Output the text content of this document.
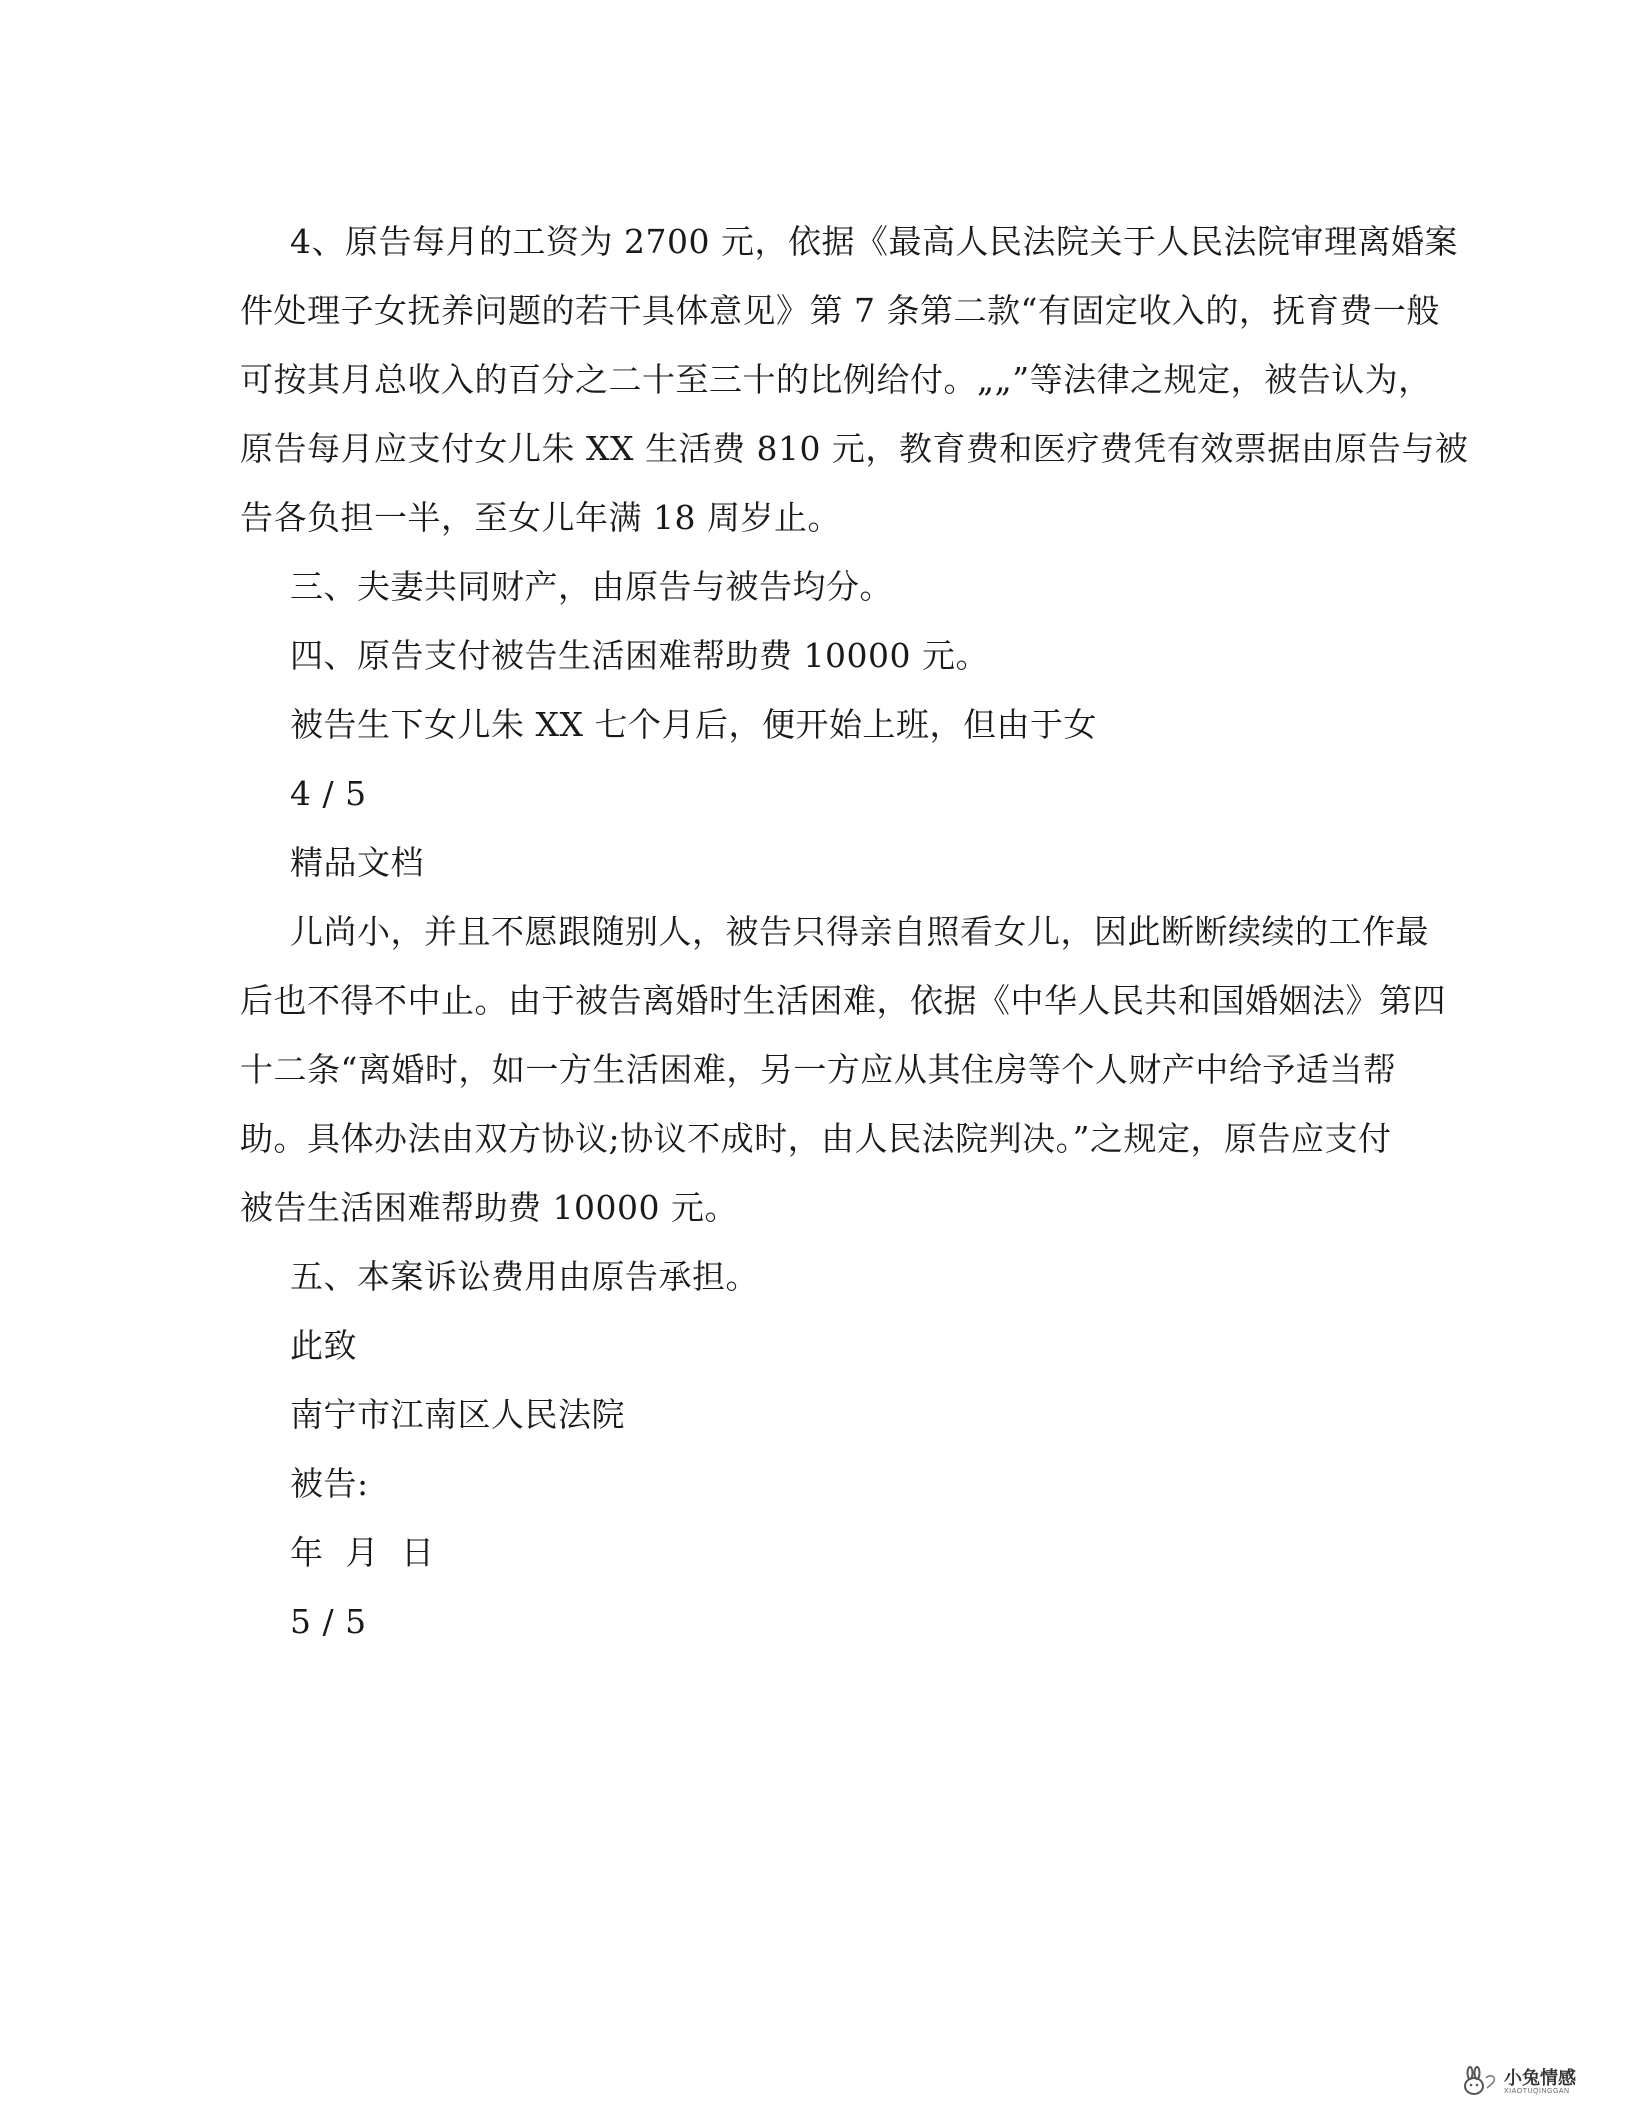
4、原告每月的工资为 2700 元，依据《最高人民法院关于人民法院审理离婚案
件处理子女抚养问题的若干具体意见》第 7 条第二款“有固定收入的，抚育费一般
可按其月总收入的百分之二十至三十的比例给付。„„”等法律之规定，被告认为，
原告每月应支付女儿朱 XX 生活费 810 元，教育费和医疗费凭有效票据由原告与被
告各负担一半，至女儿年满 18 周岁止。
三、夫妻共同财产，由原告与被告均分。
四、原告支付被告生活困难帮助费 10000 元。
被告生下女儿朱 XX 七个月后，便开始上班，但由于女
4 / 5
精品文档
儿尚小，并且不愿跟随别人，被告只得亲自照看女儿，因此断断续续的工作最
后也不得不中止。由于被告离婚时生活困难，依据《中华人民共和国婚姻法》第四
十二条“离婚时，如一方生活困难，另一方应从其住房等个人财产中给予适当帮
助。具体办法由双方协议;协议不成时，由人民法院判决。”之规定，原告应支付
被告生活困难帮助费 10000 元。
五、本案诉讼费用由原告承担。
此致
南宁市江南区人民法院
被告:
年  月  日
5 / 5
小兔情感
XIAOTUQINGGAN
